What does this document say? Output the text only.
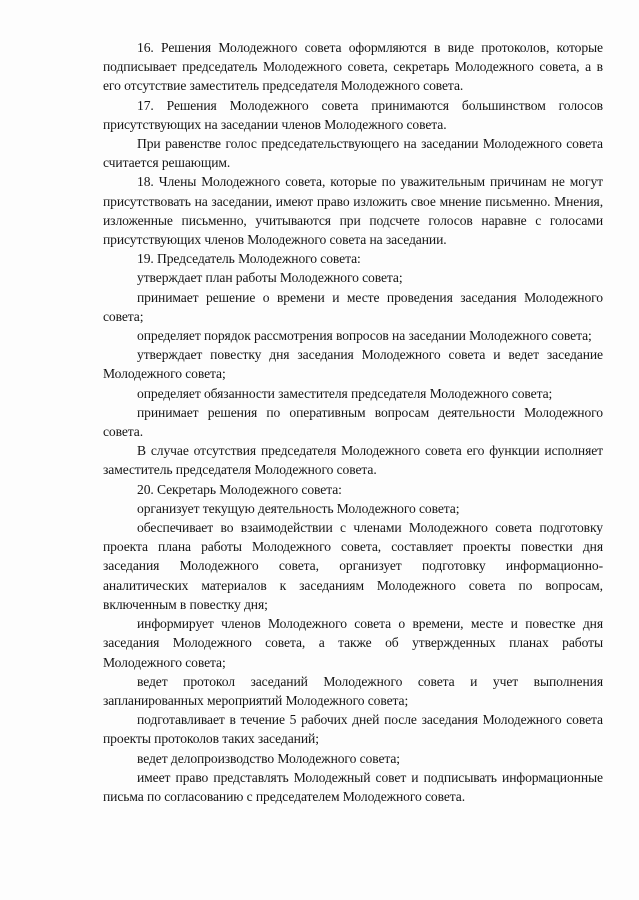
16. Решения Молодежного совета оформляются в виде протоколов, которые подписывает председатель Молодежного совета, секретарь Молодежного совета, а в его отсутствие заместитель председателя Молодежного совета.

17. Решения Молодежного совета принимаются большинством голосов присутствующих на заседании членов Молодежного совета.

При равенстве голос председательствующего на заседании Молодежного совета считается решающим.

18. Члены Молодежного совета, которые по уважительным причинам не могут присутствовать на заседании, имеют право изложить свое мнение письменно. Мнения, изложенные письменно, учитываются при подсчете голосов наравне с голосами присутствующих членов Молодежного совета на заседании.

19. Председатель Молодежного совета:

утверждает план работы Молодежного совета;

принимает решение о времени и месте проведения заседания Молодежного совета;

определяет порядок рассмотрения вопросов на заседании Молодежного совета;

утверждает повестку дня заседания Молодежного совета и ведет заседание Молодежного совета;

определяет обязанности заместителя председателя Молодежного совета;

принимает решения по оперативным вопросам деятельности Молодежного совета.

В случае отсутствия председателя Молодежного совета его функции исполняет заместитель председателя Молодежного совета.

20. Секретарь Молодежного совета:

организует текущую деятельность Молодежного совета;

обеспечивает во взаимодействии с членами Молодежного совета подготовку проекта плана работы Молодежного совета, составляет проекты повестки дня заседания Молодежного совета, организует подготовку информационно-аналитических материалов к заседаниям Молодежного совета по вопросам, включенным в повестку дня;

информирует членов Молодежного совета о времени, месте и повестке дня заседания Молодежного совета, а также об утвержденных планах работы Молодежного совета;

ведет протокол заседаний Молодежного совета и учет выполнения запланированных мероприятий Молодежного совета;

подготавливает в течение 5 рабочих дней после заседания Молодежного совета проекты протоколов таких заседаний;

ведет делопроизводство Молодежного совета;

имеет право представлять Молодежный совет и подписывать информационные письма по согласованию с председателем Молодежного совета.
